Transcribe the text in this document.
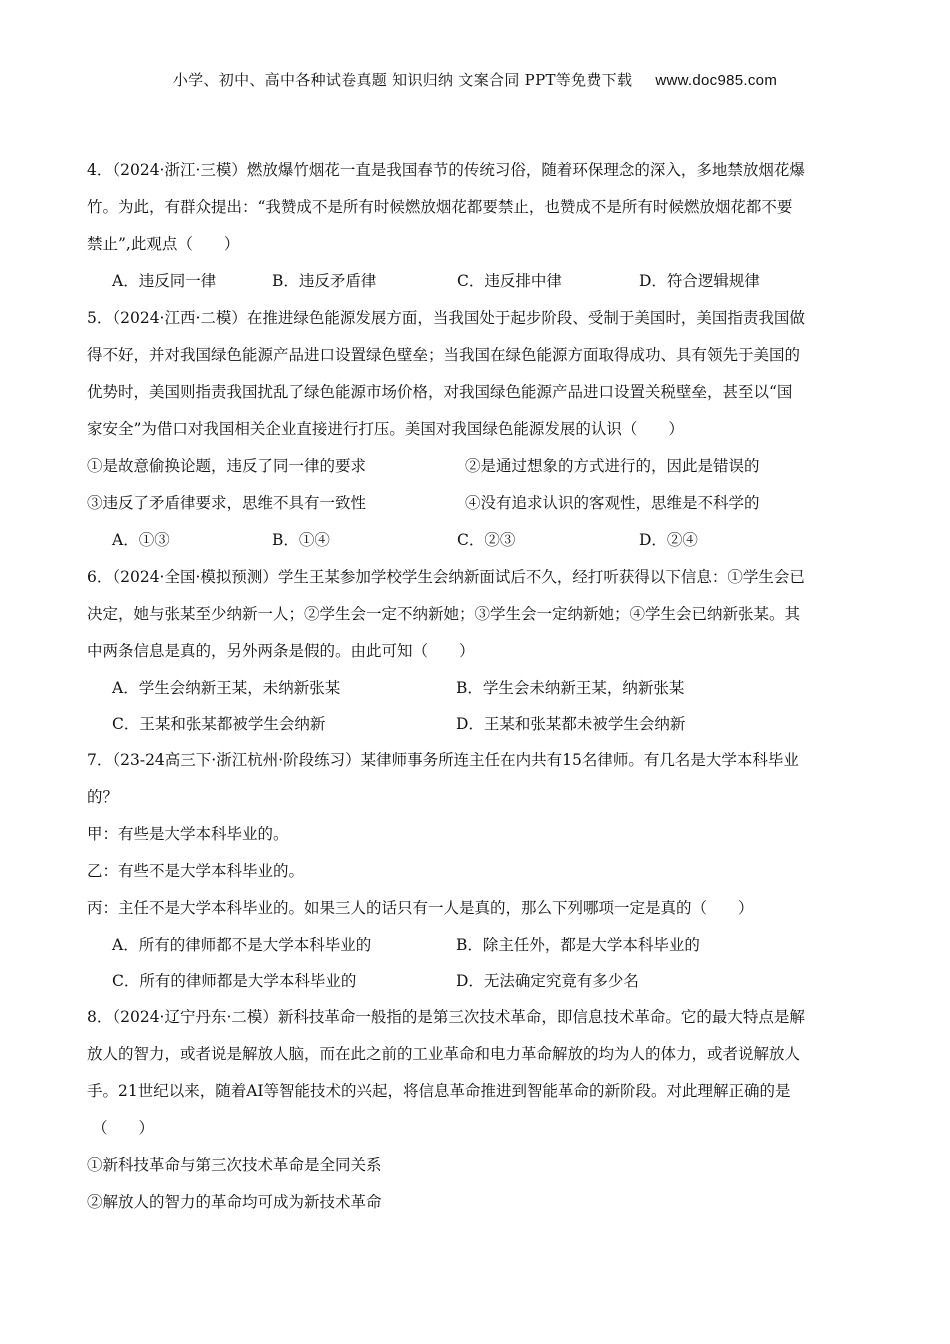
小学、初中、高中各种试卷真题 知识归纳 文案合同 PPT等免费下载 www.doc985.com
4．（2024·浙江·三模）燃放爆竹烟花一直是我国春节的传统习俗，随着环保理念的深入，多地禁放烟花爆
竹。为此，有群众提出：“我赞成不是所有时候燃放烟花都要禁止，也赞成不是所有时候燃放烟花都不要
禁止”,此观点（　　）
A．违反同一律	B．违反矛盾律	C．违反排中律	D．符合逻辑规律
5．（2024·江西·二模）在推进绿色能源发展方面，当我国处于起步阶段、受制于美国时，美国指责我国做
得不好，并对我国绿色能源产品进口设置绿色壁垒；当我国在绿色能源方面取得成功、具有领先于美国的
优势时，美国则指责我国扰乱了绿色能源市场价格，对我国绿色能源产品进口设置关税壁垒，甚至以“国
家安全”为借口对我国相关企业直接进行打压。美国对我国绿色能源发展的认识（　　）
①是故意偷换论题，违反了同一律的要求	②是通过想象的方式进行的，因此是错误的
③违反了矛盾律要求，思维不具有一致性	④没有追求认识的客观性，思维是不科学的
A．①③	B．①④	C．②③	D．②④
6．（2024·全国·模拟预测）学生王某参加学校学生会纳新面试后不久，经打听获得以下信息：①学生会已
决定，她与张某至少纳新一人；②学生会一定不纳新她；③学生会一定纳新她；④学生会已纳新张某。其
中两条信息是真的，另外两条是假的。由此可知（　　）
A．学生会纳新王某，未纳新张某	B．学生会未纳新王某，纳新张某
C．王某和张某都被学生会纳新	D．王某和张某都未被学生会纳新
7．（23-24高三下·浙江杭州·阶段练习）某律师事务所连主任在内共有15名律师。有几名是大学本科毕业
的？
甲：有些是大学本科毕业的。
乙：有些不是大学本科毕业的。
丙：主任不是大学本科毕业的。如果三人的话只有一人是真的，那么下列哪项一定是真的（　　）
A．所有的律师都不是大学本科毕业的	B．除主任外，都是大学本科毕业的
C．所有的律师都是大学本科毕业的	D．无法确定究竟有多少名
8．（2024·辽宁丹东·二模）新科技革命一般指的是第三次技术革命，即信息技术革命。它的最大特点是解
放人的智力，或者说是解放人脑，而在此之前的工业革命和电力革命解放的均为人的体力，或者说解放人
手。21世纪以来，随着AI等智能技术的兴起，将信息革命推进到智能革命的新阶段。对此理解正确的是
（　　）
①新科技革命与第三次技术革命是全同关系
②解放人的智力的革命均可成为新技术革命
